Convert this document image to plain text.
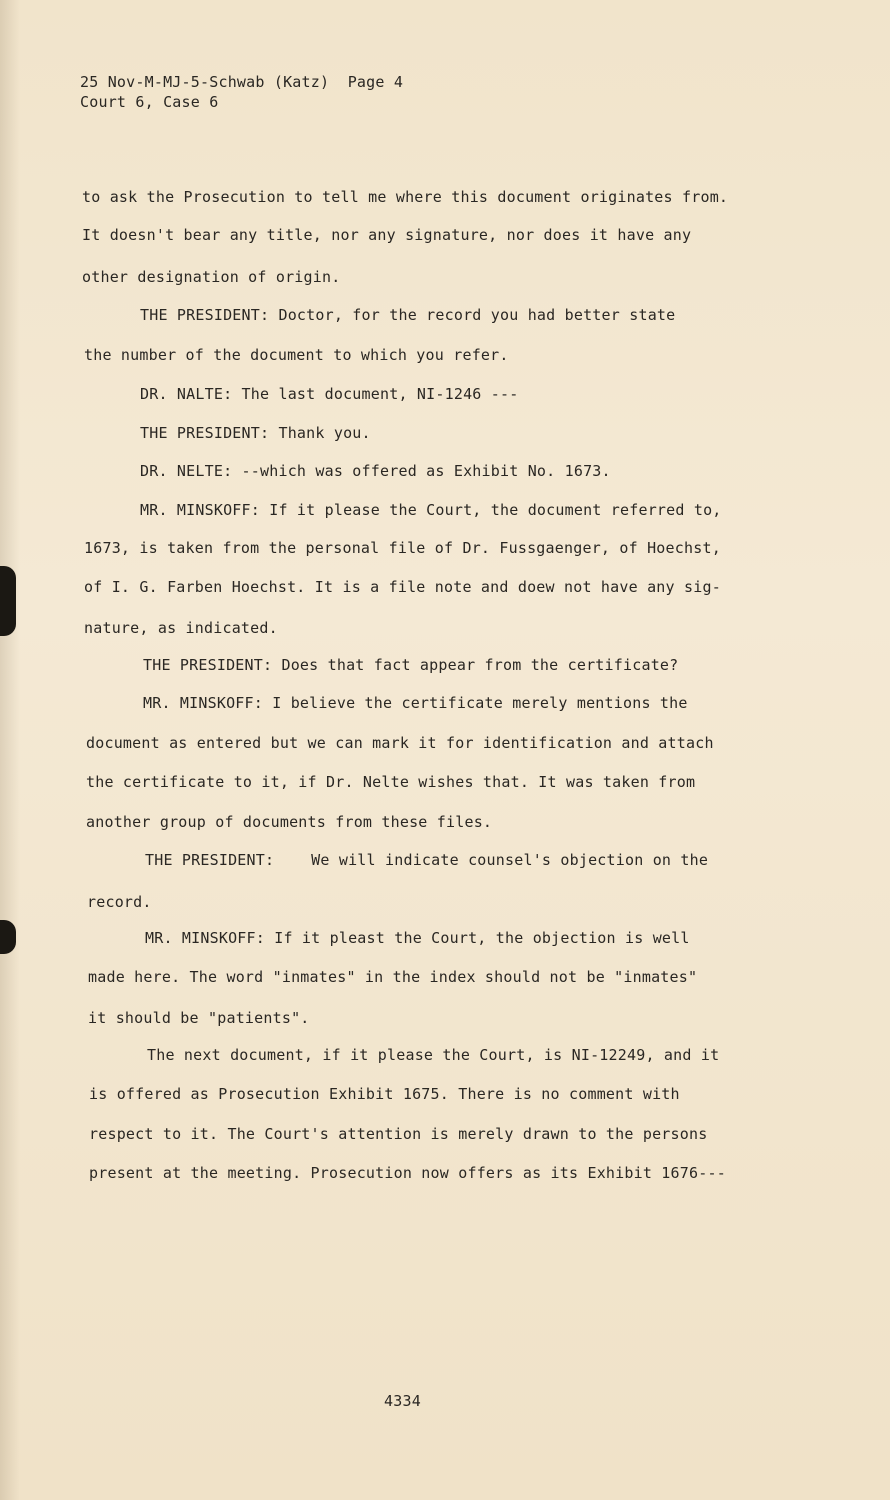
25 Nov-M-MJ-5-Schwab (Katz)  Page 4
Court 6, Case 6
to ask the Prosecution to tell me where this document originates from.
It doesn't bear any title, nor any signature, nor does it have any
other designation of origin.
THE PRESIDENT: Doctor, for the record you had better state
the number of the document to which you refer.
DR. NALTE: The last document, NI-1246 ---
THE PRESIDENT: Thank you.
DR. NELTE: --which was offered as Exhibit No. 1673.
MR. MINSKOFF: If it please the Court, the document referred to,
1673, is taken from the personal file of Dr. Fussgaenger, of Hoechst,
of I. G. Farben Hoechst. It is a file note and doew not have any sig-
nature, as indicated.
THE PRESIDENT: Does that fact appear from the certificate?
MR. MINSKOFF: I believe the certificate merely mentions the
document as entered but we can mark it for identification and attach
the certificate to it, if Dr. Nelte wishes that. It was taken from
another group of documents from these files.
THE PRESIDENT:    We will indicate counsel's objection on the
record.
MR. MINSKOFF: If it pleast the Court, the objection is well
made here. The word "inmates" in the index should not be "inmates"
it should be "patients".
The next document, if it please the Court, is NI-12249, and it
is offered as Prosecution Exhibit 1675. There is no comment with
respect to it. The Court's attention is merely drawn to the persons
present at the meeting. Prosecution now offers as its Exhibit 1676---
4334
